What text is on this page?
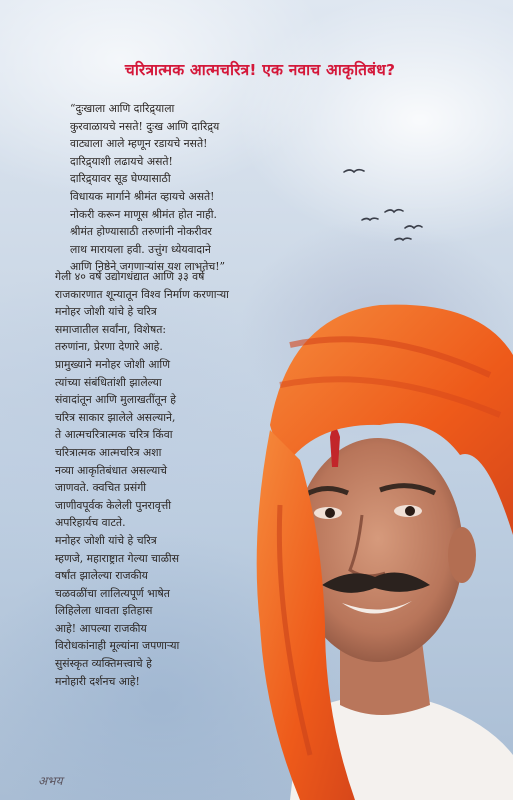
चरित्रात्मक आत्मचरित्र! एक नवाच आकृतिबंध?
“दुःखाला आणि दारिद्र्याला
कुरवाळायचे नसते! दुःख आणि दारिद्र्य
वाट्याला आले म्हणून रडायचे नसते!
दारिद्र्याशी लढायचे असते!
दारिद्र्यावर सूड घेण्यासाठी
विधायक मार्गाने श्रीमंत व्हायचे असते!
नोकरी करून माणूस श्रीमंत होत नाही.
श्रीमंत होण्यासाठी तरुणांनी नोकरीवर
लाथ मारायला हवी. उत्तुंग ध्येयवादाने
आणि निष्ठेने जगणाऱ्यांस यश लाभतेच!”
गेली ४० वर्षे उद्योगधंद्यात आणि ३३ वर्षे
राजकारणात शून्यातून विश्व निर्माण करणाऱ्या
मनोहर जोशी यांचे हे चरित्र
समाजातील सर्वांना, विशेषत:
तरुणांना, प्रेरणा देणारे आहे.
प्रामुख्याने मनोहर जोशी आणि
त्यांच्या संबंधितांशी झालेल्या
संवादांतून आणि मुलाखतींतून हे
चरित्र साकार झालेले असल्याने,
ते आत्मचरित्रात्मक चरित्र किंवा
चरित्रात्मक आत्मचरित्र अशा
नव्या आकृतिबंधात असल्याचे
जाणवते. क्वचित प्रसंगी
जाणीवपूर्वक केलेली पुनरावृत्ती
अपरिहार्यच वाटते.
मनोहर जोशी यांचे हे चरित्र
म्हणजे, महाराष्ट्रात गेल्या चाळीस
वर्षांत झालेल्या राजकीय
चळवळींचा लालित्यपूर्ण भाषेत
लिहिलेला धावता इतिहास
आहे! आपल्या राजकीय
विरोधकांनाही मूल्यांना जपणाऱ्या
सुसंस्कृत व्यक्तिमत्त्वाचे हे
मनोहारी दर्शनच आहे!
अभय
